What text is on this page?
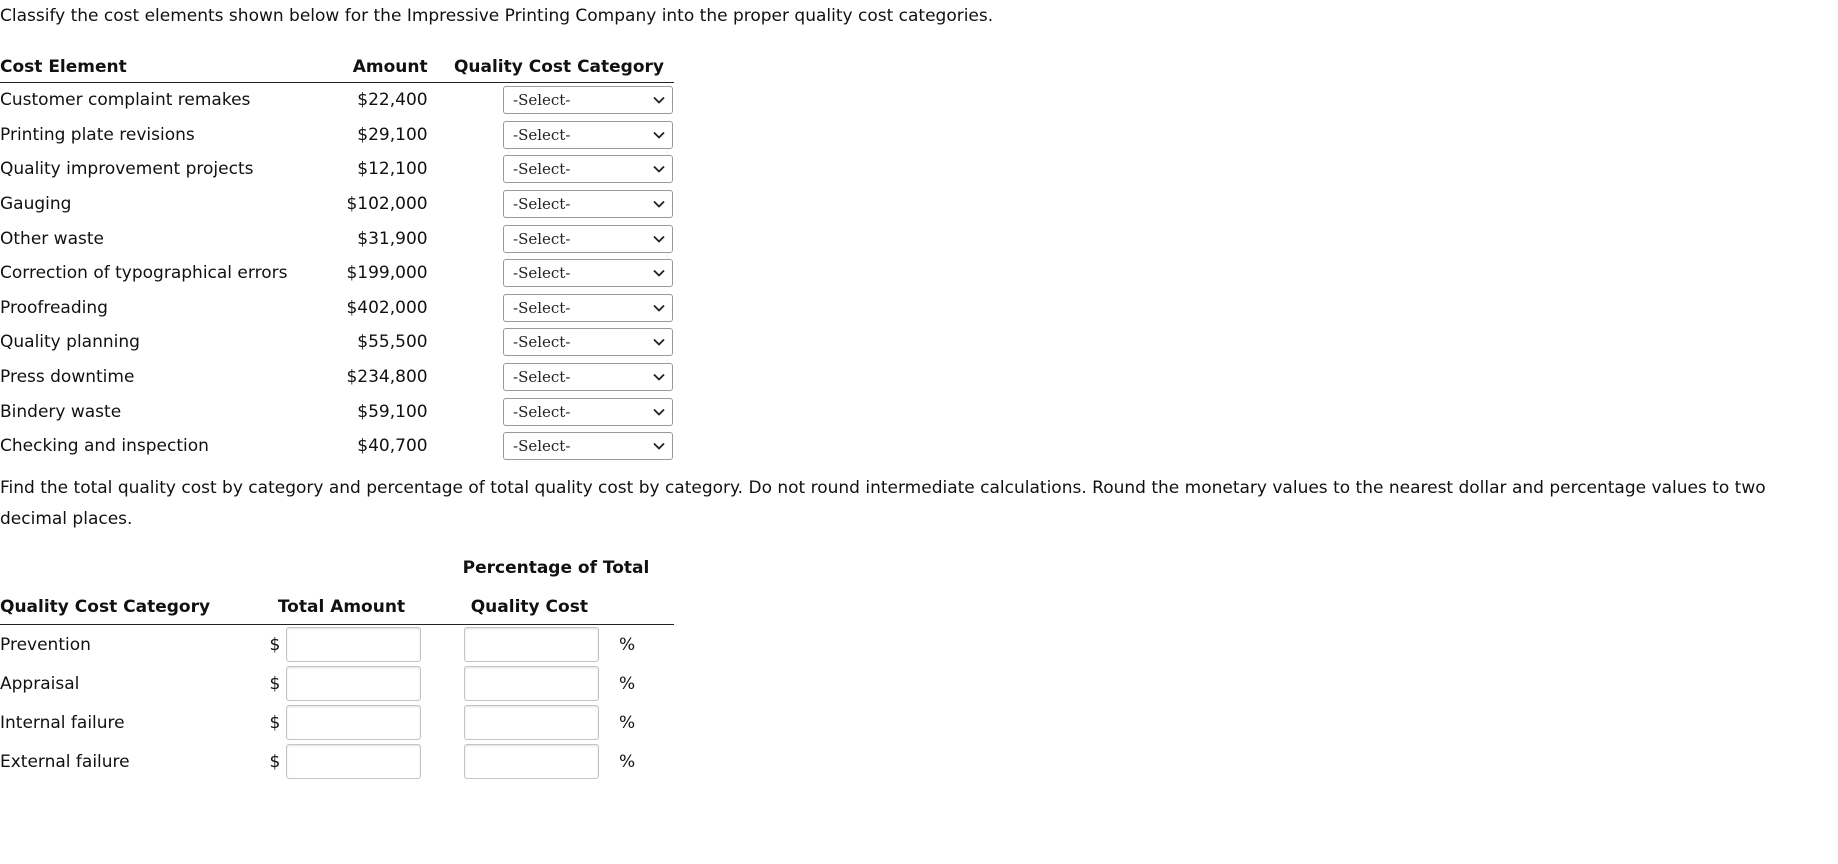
Classify the cost elements shown below for the Impressive Printing Company into the proper quality cost categories.

Cost Element	Amount	Quality Cost Category
Customer complaint remakes	$22,400	-Select-

Printing plate revisions	$29,100	-Select-

Quality improvement projects	$12,100	-Select-

Gauging	$102,000	-Select-

Other waste	$31,900	-Select-

Correction of typographical errors	$199,000	-Select-

Proofreading	$402,000	-Select-

Quality planning	$55,500	-Select-

Press downtime	$234,800	-Select-

Bindery waste	$59,100	-Select-

Checking and inspection	$40,700	-Select-

Find the total quality cost by category and percentage of total quality cost by category. Do not round intermediate calculations. Round the monetary values to the nearest dollar and percentage values to two decimal places.

Percentage of Total
Quality Cost Category	Total Amount		Quality Cost	
Prevention	$			%
Appraisal	$			%
Internal failure	$			%
External failure	$			%
